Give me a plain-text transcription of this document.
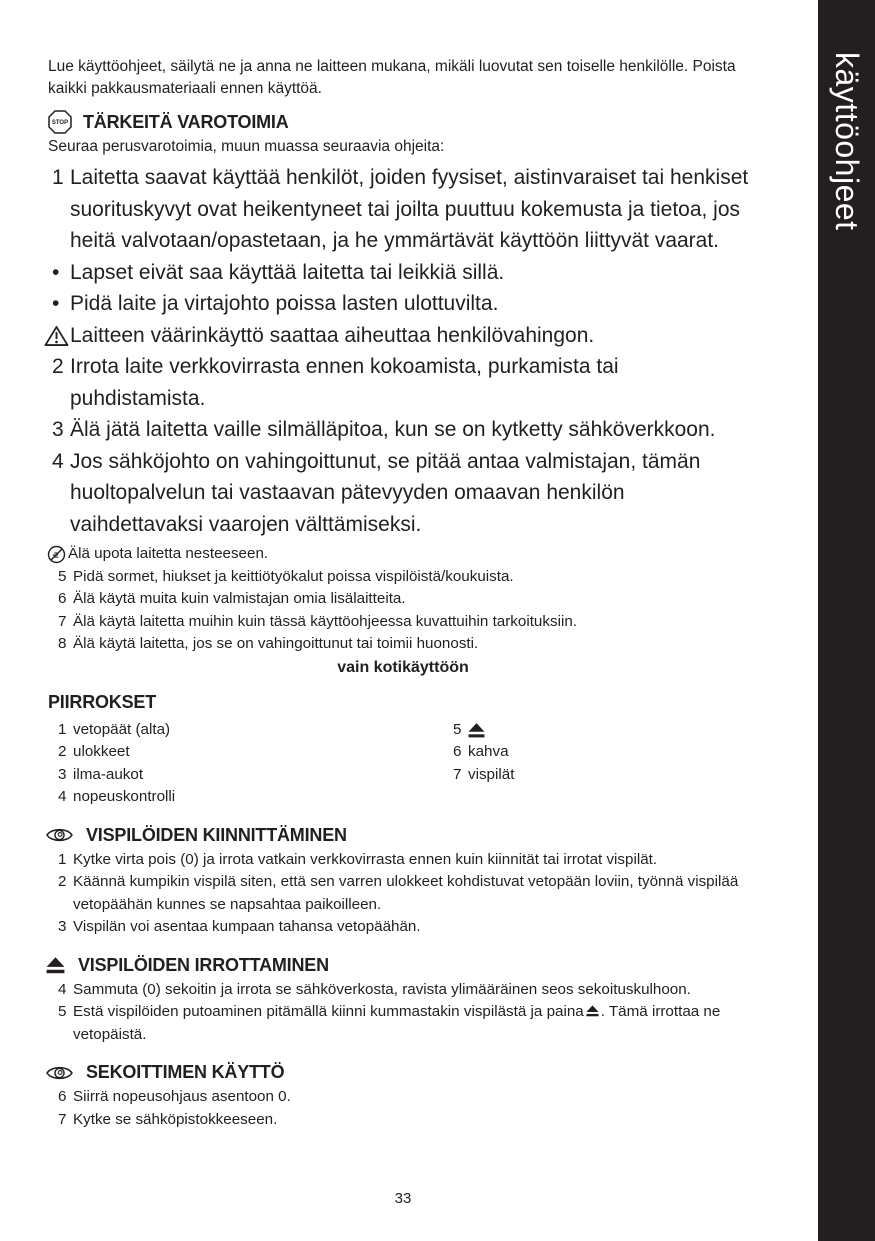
käyttöohjeet

Lue käyttöohjeet, säilytä ne ja anna ne laitteen mukana, mikäli luovutat sen toiselle henkilölle. Poista kaikki pakkausmateriaali ennen käyttöä.

STOP TÄRKEITÄ VAROTOIMIA

Seuraa perusvarotoimia, muun muassa seuraavia ohjeita:

1 Laitetta saavat käyttää henkilöt, joiden fyysiset, aistinvaraiset tai henkiset suorituskyvyt ovat heikentyneet tai joilta puuttuu kokemusta ja tietoa, jos heitä valvotaan/opastetaan, ja he ymmärtävät käyttöön liittyvät vaarat.
• Lapset eivät saa käyttää laitetta tai leikkiä sillä.
• Pidä laite ja virtajohto poissa lasten ulottuvilta.
Laitteen väärinkäyttö saattaa aiheuttaa henkilövahingon.
2 Irrota laite verkkovirrasta ennen kokoamista, purkamista tai puhdistamista.
3 Älä jätä laitetta vaille silmälläpitoa, kun se on kytketty sähköverkkoon.
4 Jos sähköjohto on vahingoittunut, se pitää antaa valmistajan, tämän huoltopalvelun tai vastaavan pätevyyden omaavan henkilön vaihdettavaksi vaarojen välttämiseksi.
Älä upota laitetta nesteeseen.
5 Pidä sormet, hiukset ja keittiötyökalut poissa vispilöistä/koukuista.
6 Älä käytä muita kuin valmistajan omia lisälaitteita.
7 Älä käytä laitetta muihin kuin tässä käyttöohjeessa kuvattuihin tarkoituksiin.
8 Älä käytä laitetta, jos se on vahingoittunut tai toimii huonosti.

vain kotikäyttöön

PIIRROKSET
1 vetopäät (alta)
2 ulokkeet
3 ilma-aukot
4 nopeuskontrolli
5
6 kahva
7 vispilät
VISPILÖIDEN KIINNITTÄMINEN
1 Kytke virta pois (0) ja irrota vatkain verkkovirrasta ennen kuin kiinnität tai irrotat vispilät.
2 Käännä kumpikin vispilä siten, että sen varren ulokkeet kohdistuvat vetopään loviin, työnnä vispilää vetopäähän kunnes se napsahtaa paikoilleen.
3 Vispilän voi asentaa kumpaan tahansa vetopäähän.
VISPILÖIDEN IRROTTAMINEN
4 Sammuta (0) sekoitin ja irrota se sähköverkosta, ravista ylimääräinen seos sekoituskulhoon.
5 Estä vispilöiden putoaminen pitämällä kiinni kummastakin vispilästä ja paina . Tämä irrottaa ne vetopäistä.
SEKOITTIMEN KÄYTTÖ
6 Siirrä nopeusohjaus asentoon 0.
7 Kytke se sähköpistokkeeseen.
33
